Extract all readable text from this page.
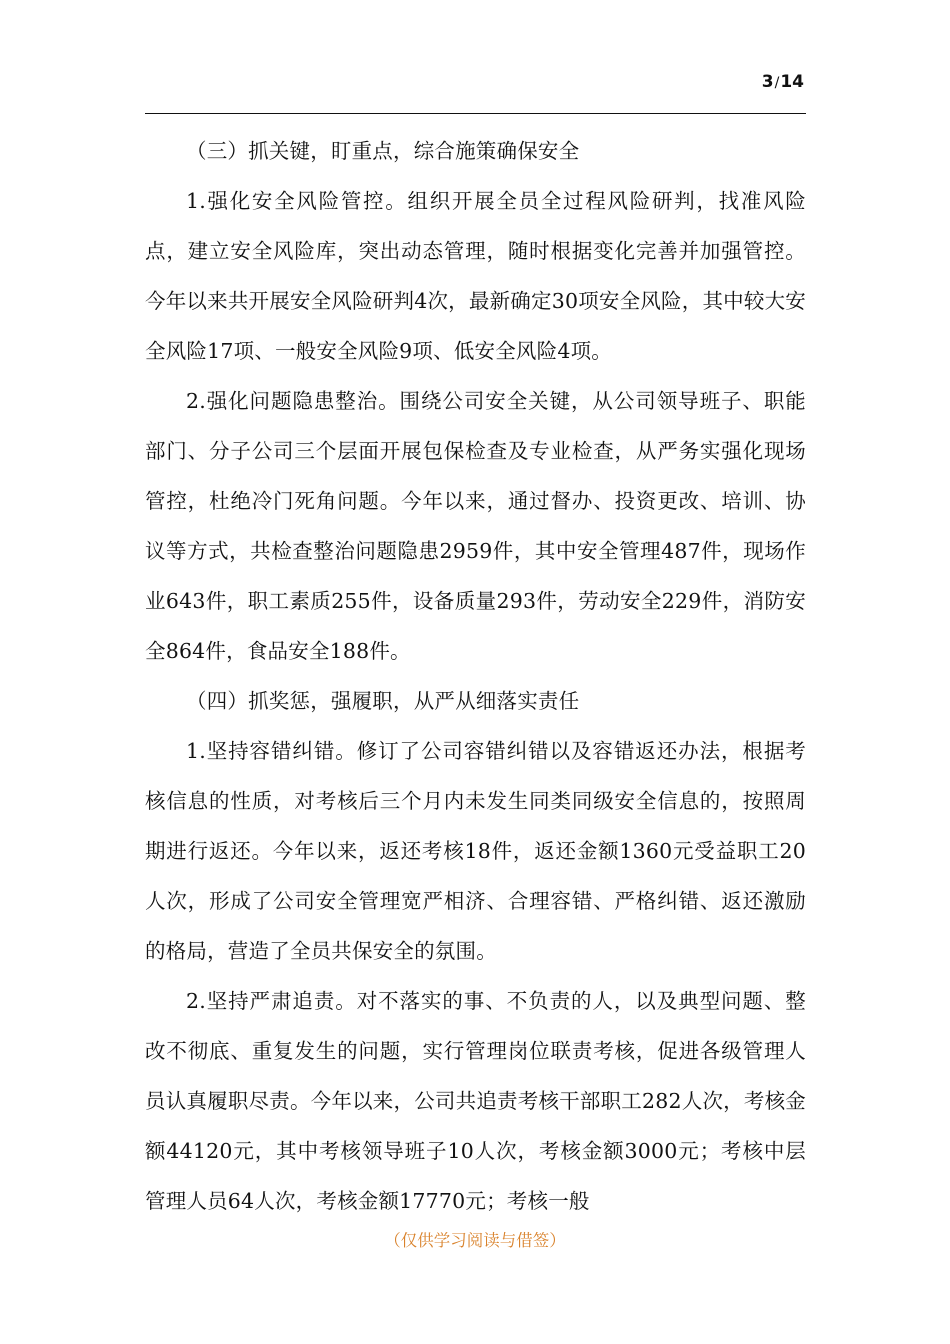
3/14

（三）抓关键，盯重点，综合施策确保安全

1.强化安全风险管控。组织开展全员全过程风险研判，找准风险点，建立安全风险库，突出动态管理，随时根据变化完善并加强管控。今年以来共开展安全风险研判4次，最新确定30项安全风险，其中较大安全风险17项、一般安全风险9项、低安全风险4项。

2.强化问题隐患整治。围绕公司安全关键，从公司领导班子、职能部门、分子公司三个层面开展包保检查及专业检查，从严务实强化现场管控，杜绝冷门死角问题。今年以来，通过督办、投资更改、培训、协议等方式，共检查整治问题隐患2959件，其中安全管理487件，现场作业643件，职工素质255件，设备质量293件，劳动安全229件，消防安全864件，食品安全188件。

（四）抓奖惩，强履职，从严从细落实责任

1.坚持容错纠错。修订了公司容错纠错以及容错返还办法，根据考核信息的性质，对考核后三个月内未发生同类同级安全信息的，按照周期进行返还。今年以来，返还考核18件，返还金额1360元受益职工20人次，形成了公司安全管理宽严相济、合理容错、严格纠错、返还激励的格局，营造了全员共保安全的氛围。

2.坚持严肃追责。对不落实的事、不负责的人，以及典型问题、整改不彻底、重复发生的问题，实行管理岗位联责考核，促进各级管理人员认真履职尽责。今年以来，公司共追责考核干部职工282人次，考核金额44120元，其中考核领导班子10人次，考核金额3000元；考核中层管理人员64人次，考核金额17770元；考核一般

（仅供学习阅读与借签）
